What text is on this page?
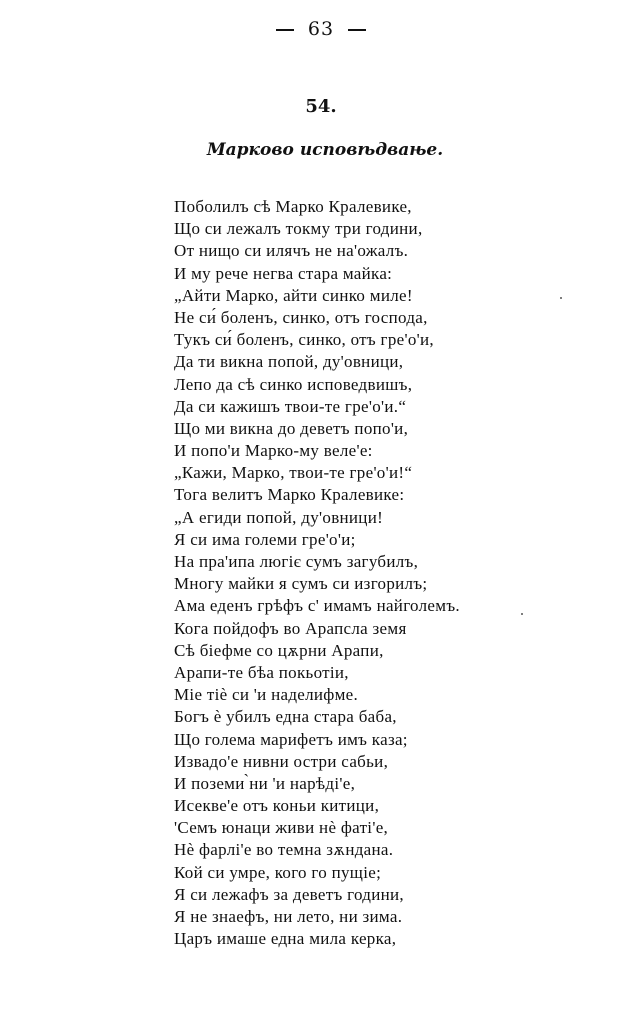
63
54.
Марково исповѣдвање.
Поболилъ сѣ Марко Кралевике,
Що си лежалъ токму три години,
От нищо си илячъ не на'ожалъ.
И му рече негва стара майка:
„Айти Марко, айти синко миле!
Не си́ боленъ, синко, отъ господа,
Тукъ си́ боленъ, синко, отъ гре'о'и,
Да ти викна попой, ду'овници,
Лепо да сѣ синко исповедвишъ,
Да си кажишъ твои-те гре'о'и.“
Що ми викна до деветъ попо'и,
И попо'и Марко-му веле'е:
„Кажи, Марко, твои-те гре'о'и!“
Тога велитъ Марко Кралевике:
„А егиди попой, ду'овници!
Я си има големи гре'о'и;
На пра'ипа люгіє сумъ загубилъ,
Многу майки я сумъ си изгорилъ;
Ама еденъ грѣфъ с' имамъ найголемъ.
Кога пойдофъ во Арапсла земя
Сѣ біефме со цѫрни Арапи,
Арапи-те бѣа покьотіи,
Міе тіѐ си 'и наделифме.
Богъ ѐ убилъ една стара баба,
Що голема марифетъ имъ каза;
Извадо'е нивни остри сабьи,
И поземи ̀ни 'и нарѣді'е,
Исекве'е отъ коньи китици,
'Семъ юнаци живи нѐ фаті'е,
Нѐ фарлі'е во темна зѫндана.
Кой си умре, кого го пущіе;
Я си лежафъ за деветъ години,
Я не знаефъ, ни лето, ни зима.
Царъ имаше една мила керка,
